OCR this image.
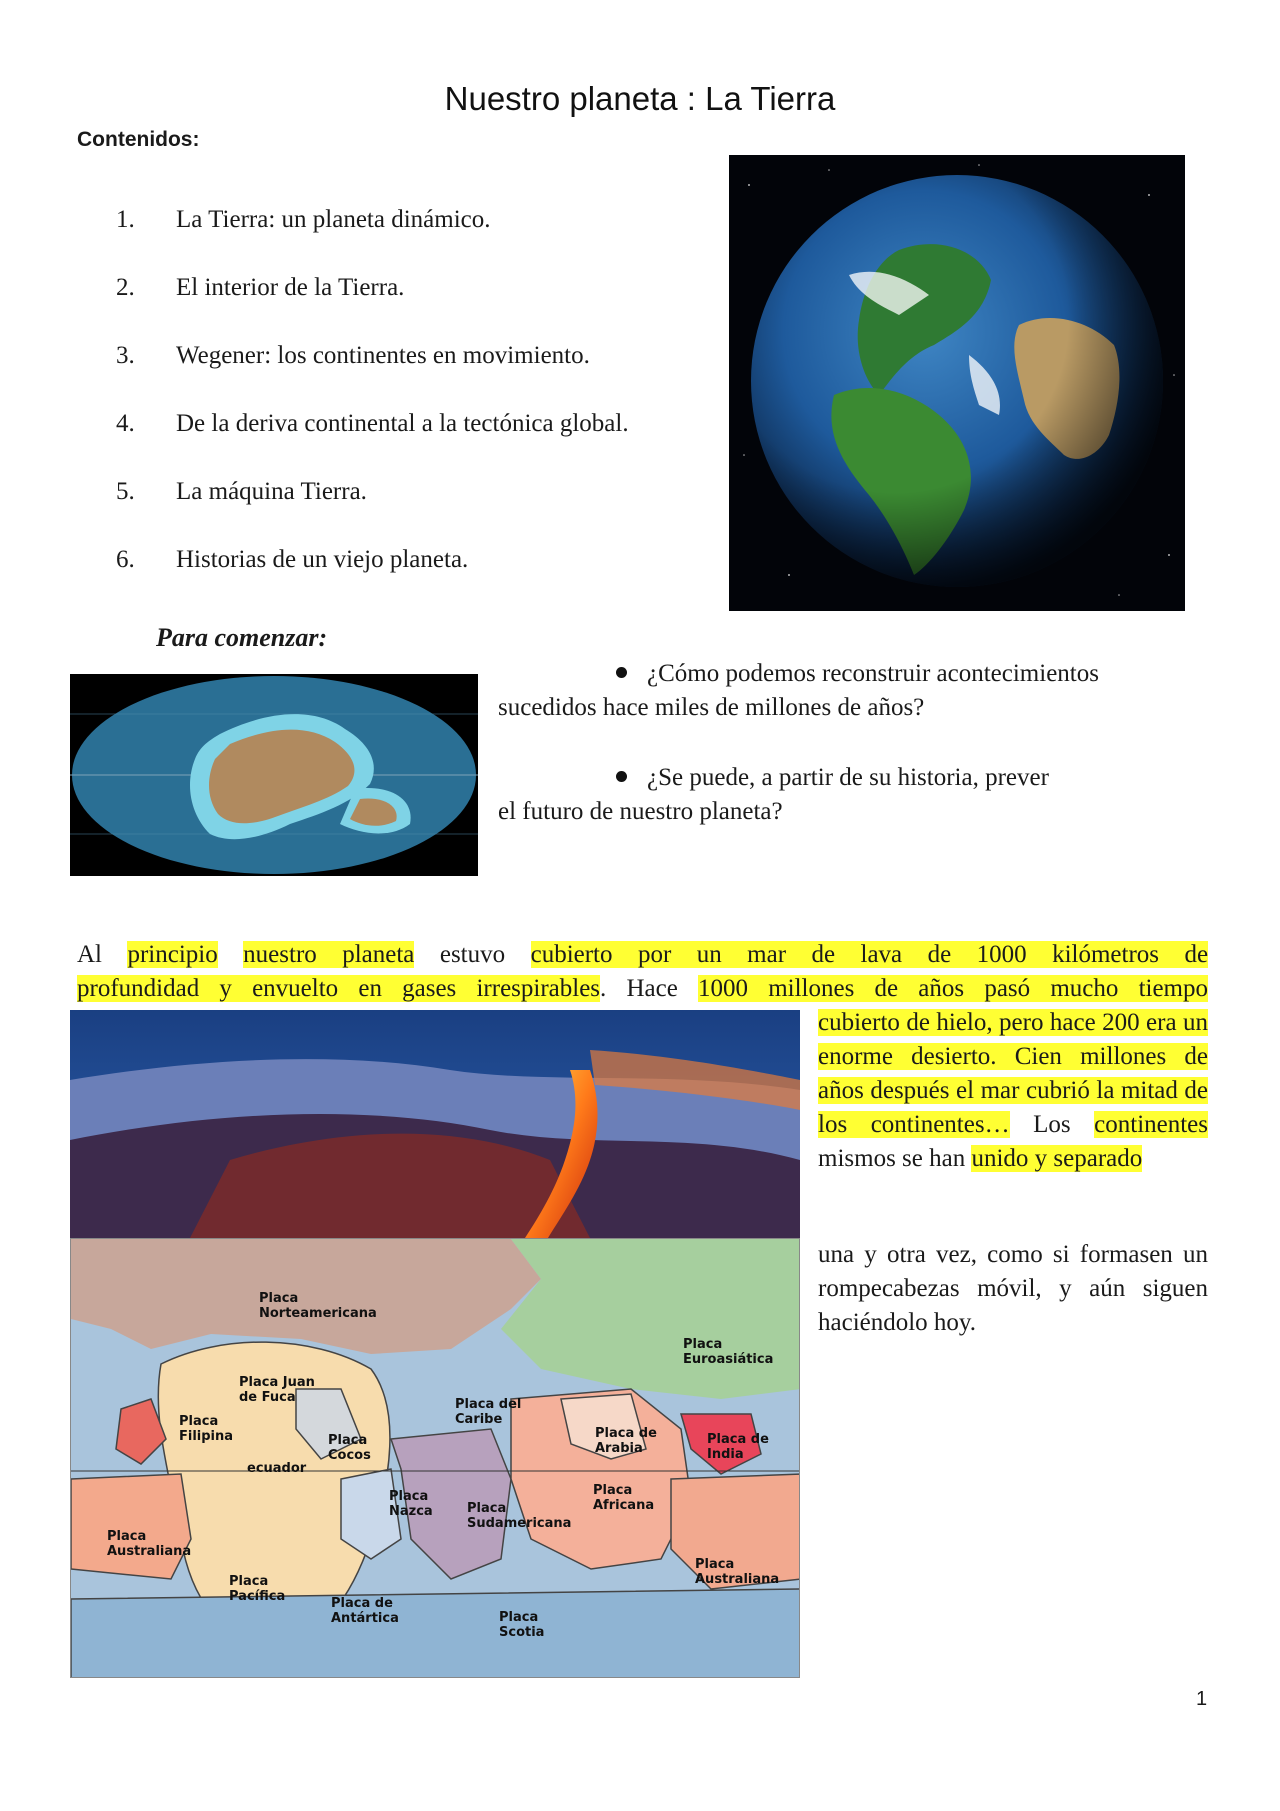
Nuestro planeta : La Tierra
Contenidos:
1.	La Tierra: un planeta dinámico.
2.	El interior de la Tierra.
3.	Wegener: los continentes en movimiento.
4.	De la deriva continental a la tectónica global.
5.	La máquina Tierra.
6.	Historias de un viejo planeta.
Para comenzar:
¿Cómo podemos reconstruir acontecimientos
sucedidos hace miles de millones de años?
¿Se puede, a partir de su historia, prever
el futuro de nuestro planeta?
Al principio nuestro planeta estuvo cubierto por un mar de lava de 1000 kilómetros de
profundidad y envuelto en gases irrespirables. Hace 1000 millones de años pasó mucho tiempo
cubierto de hielo, pero hace 200 era un enorme desierto. Cien millones de años después el mar cubrió la mitad de los continentes… Los continentes mismos se han unido y separado
una y otra vez, como si formasen un rompecabezas móvil, y aún siguen haciéndolo hoy.
Placa
Norteamericana
Placa
Euroasiática
Placa Juan
de Fuca	Placa del
Caribe
Placa
Filipina	Placa
Cocos
Placa de
Arabia
Placa de
India
ecuador
Placa
Nazca	Placa
Sudamericana
Placa
Africana
Placa
Australiana
Placa
Australiana
Placa
Pacífica	Placa de
Antártica	Placa
Scotia
1
